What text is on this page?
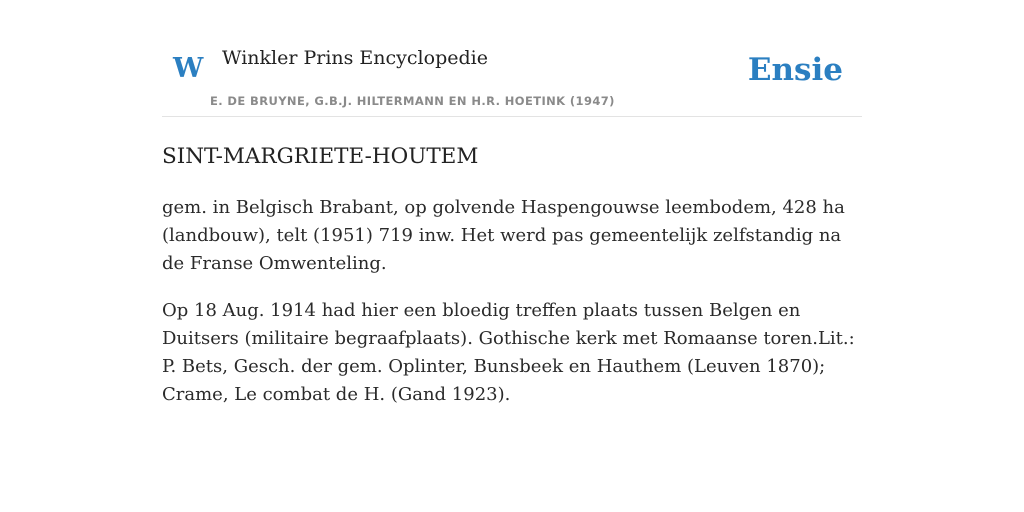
W Winkler Prins Encyclopedie
E. DE BRUYNE, G.B.J. HILTERMANN EN H.R. HOETINK (1947)
Ensie
SINT-MARGRIETE-HOUTEM

gem. in Belgisch Brabant, op golvende Haspengouwse leembodem, 428 ha (landbouw), telt (1951) 719 inw. Het werd pas gemeentelijk zelfstandig na de Franse Omwenteling.

Op 18 Aug. 1914 had hier een bloedig treffen plaats tussen Belgen en Duitsers (militaire begraafplaats). Gothische kerk met Romaanse toren.Lit.: P. Bets, Gesch. der gem. Oplinter, Bunsbeek en Hauthem (Leuven 1870); Crame, Le combat de H. (Gand 1923).
